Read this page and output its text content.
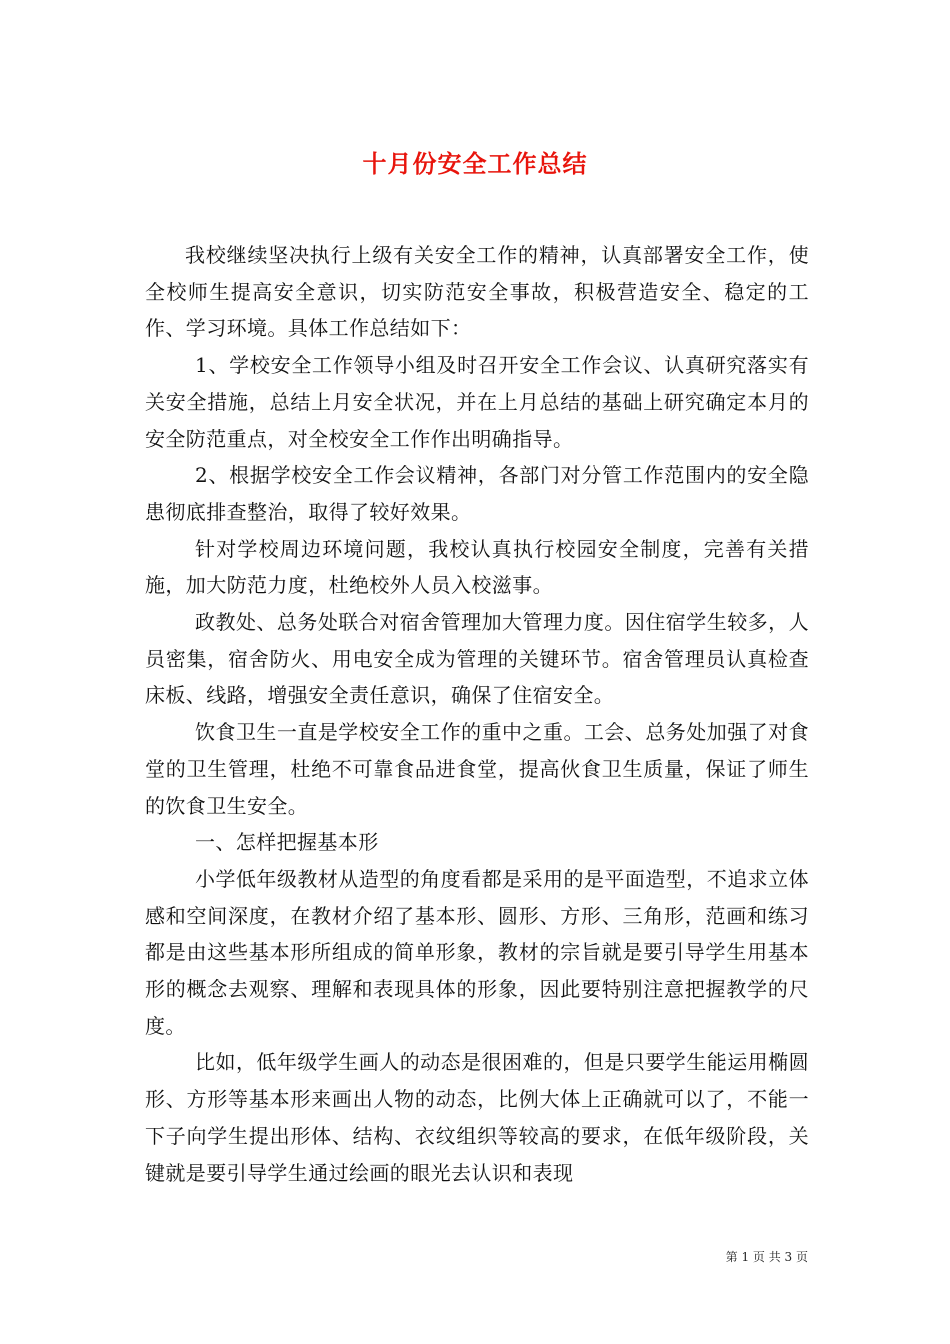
十月份安全工作总结

我校继续坚决执行上级有关安全工作的精神，认真部署安全工作，使全校师生提高安全意识，切实防范安全事故，积极营造安全、稳定的工作、学习环境。具体工作总结如下：

1、学校安全工作领导小组及时召开安全工作会议、认真研究落实有关安全措施，总结上月安全状况，并在上月总结的基础上研究确定本月的安全防范重点，对全校安全工作作出明确指导。

2、根据学校安全工作会议精神，各部门对分管工作范围内的安全隐患彻底排查整治，取得了较好效果。

针对学校周边环境问题，我校认真执行校园安全制度，完善有关措施，加大防范力度，杜绝校外人员入校滋事。

政教处、总务处联合对宿舍管理加大管理力度。因住宿学生较多，人员密集，宿舍防火、用电安全成为管理的关键环节。宿舍管理员认真检查床板、线路，增强安全责任意识，确保了住宿安全。

饮食卫生一直是学校安全工作的重中之重。工会、总务处加强了对食堂的卫生管理，杜绝不可靠食品进食堂，提高伙食卫生质量，保证了师生的饮食卫生安全。

一、怎样把握基本形

小学低年级教材从造型的角度看都是采用的是平面造型，不追求立体感和空间深度，在教材介绍了基本形、圆形、方形、三角形，范画和练习都是由这些基本形所组成的简单形象，教材的宗旨就是要引导学生用基本形的概念去观察、理解和表现具体的形象，因此要特别注意把握教学的尺度。

比如，低年级学生画人的动态是很困难的，但是只要学生能运用椭圆形、方形等基本形来画出人物的动态，比例大体上正确就可以了，不能一下子向学生提出形体、结构、衣纹组织等较高的要求，在低年级阶段，关键就是要引导学生通过绘画的眼光去认识和表现

第 1 页 共 3 页
